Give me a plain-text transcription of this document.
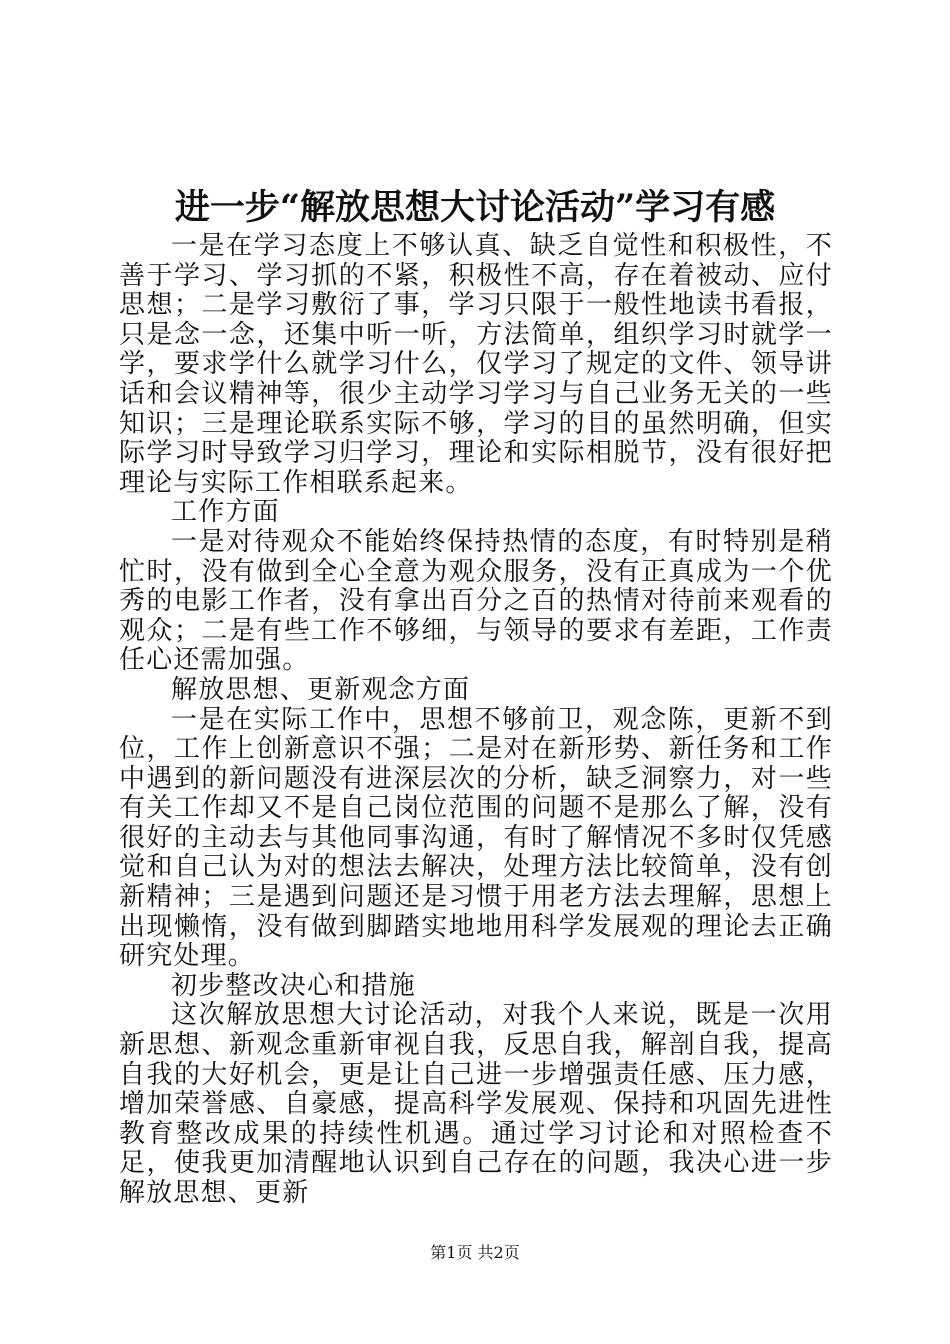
进一步“解放思想大讨论活动”学习有感

一是在学习态度上不够认真、缺乏自觉性和积极性，不善于学习、学习抓的不紧，积极性不高，存在着被动、应付思想；二是学习敷衍了事，学习只限于一般性地读书看报，只是念一念，还集中听一听，方法简单，组织学习时就学一学，要求学什么就学习什么，仅学习了规定的文件、领导讲话和会议精神等，很少主动学习学习与自己业务无关的一些知识；三是理论联系实际不够，学习的目的虽然明确，但实际学习时导致学习归学习，理论和实际相脱节，没有很好把理论与实际工作相联系起来。

工作方面

一是对待观众不能始终保持热情的态度，有时特别是稍忙时，没有做到全心全意为观众服务，没有正真成为一个优秀的电影工作者，没有拿出百分之百的热情对待前来观看的观众；二是有些工作不够细，与领导的要求有差距，工作责任心还需加强。

解放思想、更新观念方面

一是在实际工作中，思想不够前卫，观念陈，更新不到位，工作上创新意识不强；二是对在新形势、新任务和工作中遇到的新问题没有进深层次的分析，缺乏洞察力，对一些有关工作却又不是自己岗位范围的问题不是那么了解，没有很好的主动去与其他同事沟通，有时了解情况不多时仅凭感觉和自己认为对的想法去解决，处理方法比较简单，没有创新精神；三是遇到问题还是习惯于用老方法去理解，思想上出现懒惰，没有做到脚踏实地地用科学发展观的理论去正确研究处理。

初步整改决心和措施

这次解放思想大讨论活动，对我个人来说，既是一次用新思想、新观念重新审视自我，反思自我，解剖自我，提高自我的大好机会，更是让自己进一步增强责任感、压力感，增加荣誉感、自豪感，提高科学发展观、保持和巩固先进性教育整改成果的持续性机遇。通过学习讨论和对照检查不足，使我更加清醒地认识到自己存在的问题，我决心进一步解放思想、更新

第1页 共2页
